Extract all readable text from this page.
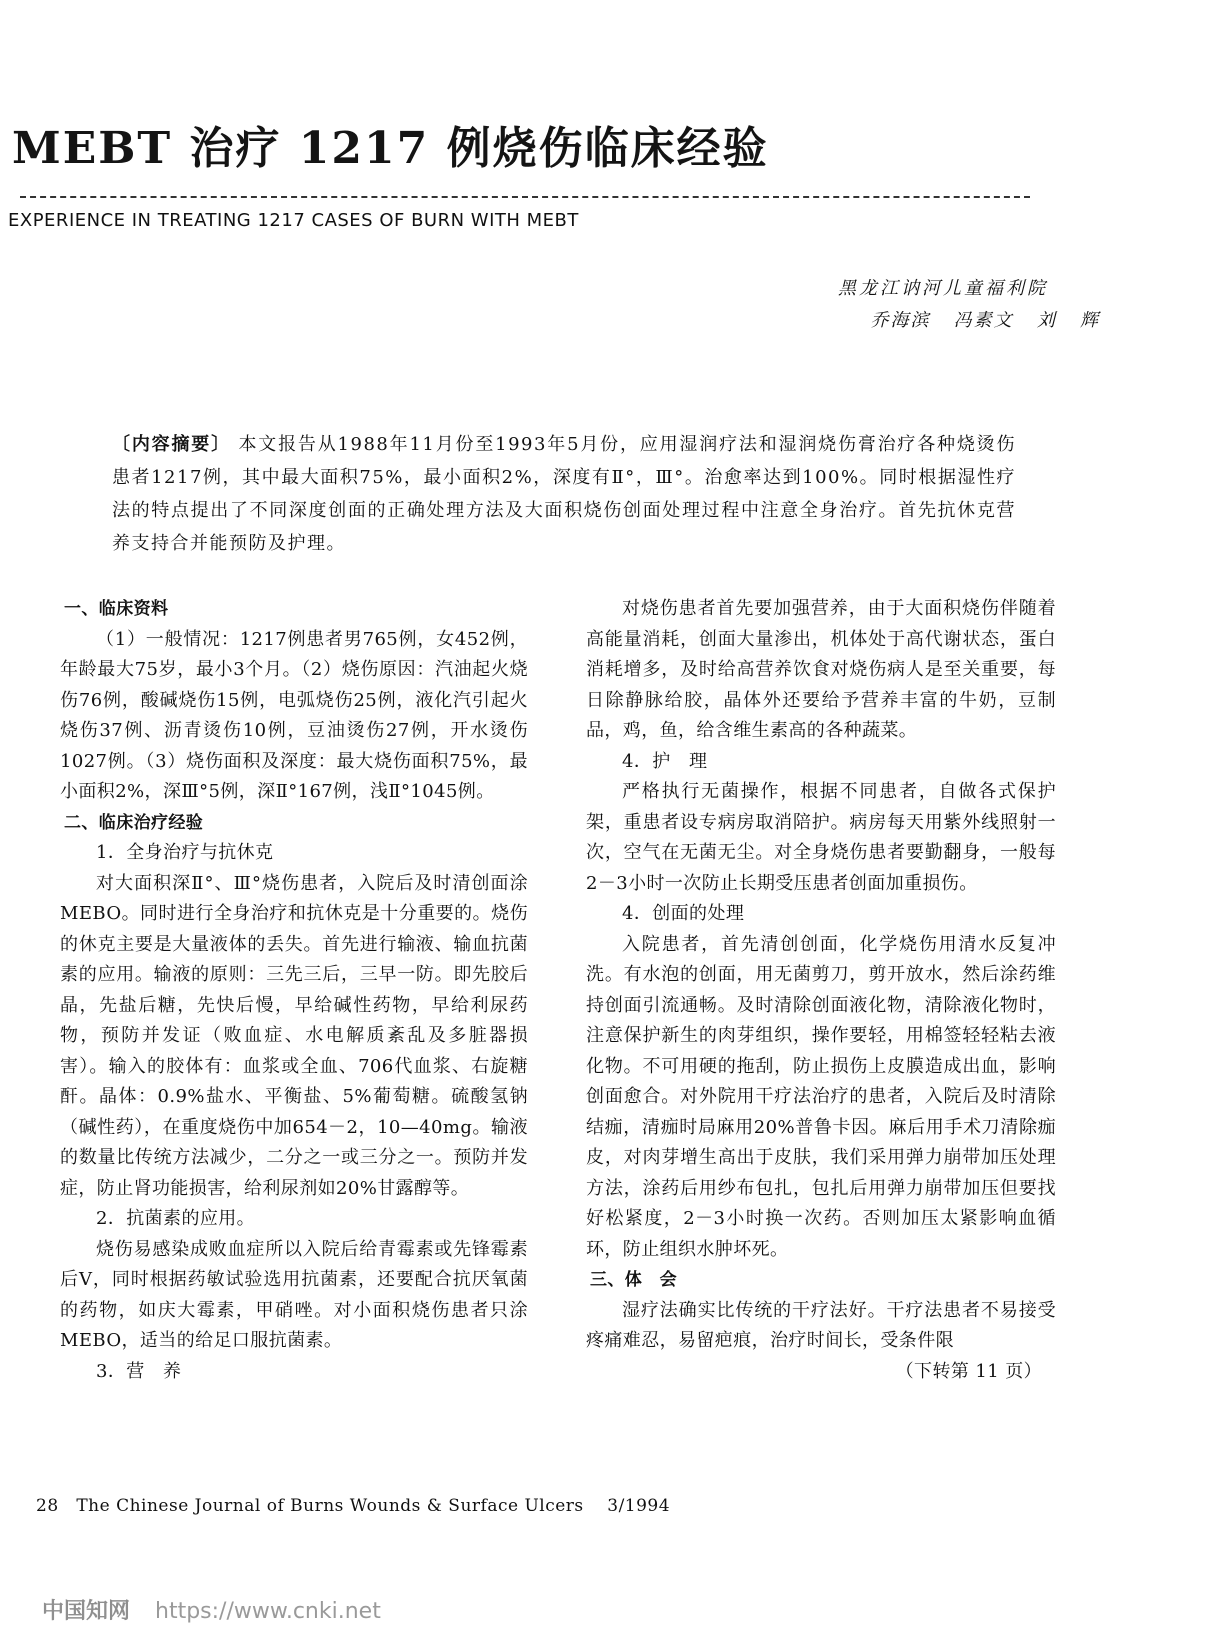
MEBT 治疗 1217 例烧伤临床经验
EXPERIENCE IN TREATING 1217 CASES OF BURN WITH MEBT
黑龙江讷河儿童福利院
乔海滨   冯素文   刘   辉
〔内容摘要〕 本文报告从1988年11月份至1993年5月份，应用湿润疗法和湿润烧伤膏治疗各种烧烫伤患者1217例，其中最大面积75%，最小面积2%，深度有Ⅱ°，Ⅲ°。治愈率达到100%。同时根据湿性疗法的特点提出了不同深度创面的正确处理方法及大面积烧伤创面处理过程中注意全身治疗。首先抗休克营养支持合并能预防及护理。

一、临床资料

（1）一般情况：1217例患者男765例，女452例，年龄最大75岁，最小3个月。（2）烧伤原因：汽油起火烧伤76例，酸碱烧伤15例，电弧烧伤25例，液化汽引起火烧伤37例、沥青烫伤10例，豆油烫伤27例，开水烫伤1027例。（3）烧伤面积及深度：最大烧伤面积75%，最小面积2%，深Ⅲ°5例，深Ⅱ°167例，浅Ⅱ°1045例。

二、临床治疗经验

1．全身治疗与抗休克

对大面积深Ⅱ°、Ⅲ°烧伤患者，入院后及时清创面涂MEBO。同时进行全身治疗和抗休克是十分重要的。烧伤的休克主要是大量液体的丢失。首先进行输液、输血抗菌素的应用。输液的原则：三先三后，三早一防。即先胶后晶，先盐后糖，先快后慢，早给碱性药物，早给利尿药物，预防并发证（败血症、水电解质紊乱及多脏器损害）。输入的胶体有：血浆或全血、706代血浆、右旋糖酐。晶体：0.9%盐水、平衡盐、5%葡萄糖。硫酸氢钠（碱性药），在重度烧伤中加654－2，10—40mg。输液的数量比传统方法减少，二分之一或三分之一。预防并发症，防止肾功能损害，给利尿剂如20%甘露醇等。

2．抗菌素的应用。

烧伤易感染成败血症所以入院后给青霉素或先锋霉素后Ⅴ，同时根据药敏试验选用抗菌素，还要配合抗厌氧菌的药物，如庆大霉素，甲硝唑。对小面积烧伤患者只涂MEBO，适当的给足口服抗菌素。

3．营　养

对烧伤患者首先要加强营养，由于大面积烧伤伴随着高能量消耗，创面大量渗出，机体处于高代谢状态，蛋白消耗增多，及时给高营养饮食对烧伤病人是至关重要，每日除静脉给胶，晶体外还要给予营养丰富的牛奶，豆制品，鸡，鱼，给含维生素高的各种蔬菜。

4．护　理

严格执行无菌操作，根据不同患者，自做各式保护架，重患者设专病房取消陪护。病房每天用紫外线照射一次，空气在无菌无尘。对全身烧伤患者要勤翻身，一般每2－3小时一次防止长期受压患者创面加重损伤。

4．创面的处理

入院患者，首先清创创面，化学烧伤用清水反复冲洗。有水泡的创面，用无菌剪刀，剪开放水，然后涂药维持创面引流通畅。及时清除创面液化物，清除液化物时，注意保护新生的肉芽组织，操作要轻，用棉签轻轻粘去液化物。不可用硬的拖刮，防止损伤上皮膜造成出血，影响创面愈合。对外院用干疗法治疗的患者，入院后及时清除结痂，清痂时局麻用20%普鲁卡因。麻后用手术刀清除痂皮，对肉芽增生高出于皮肤，我们采用弹力崩带加压处理方法，涂药后用纱布包扎，包扎后用弹力崩带加压但要找好松紧度，2－3小时换一次药。否则加压太紧影响血循环，防止组织水肿坏死。

三、体　会

湿疗法确实比传统的干疗法好。干疗法患者不易接受疼痛难忍，易留疤痕，治疗时间长，受条件限

（下转第 11 页）

28   The Chinese Journal of Burns Wounds & Surface Ulcers    3/1994
中国知网 https://www.cnki.net
